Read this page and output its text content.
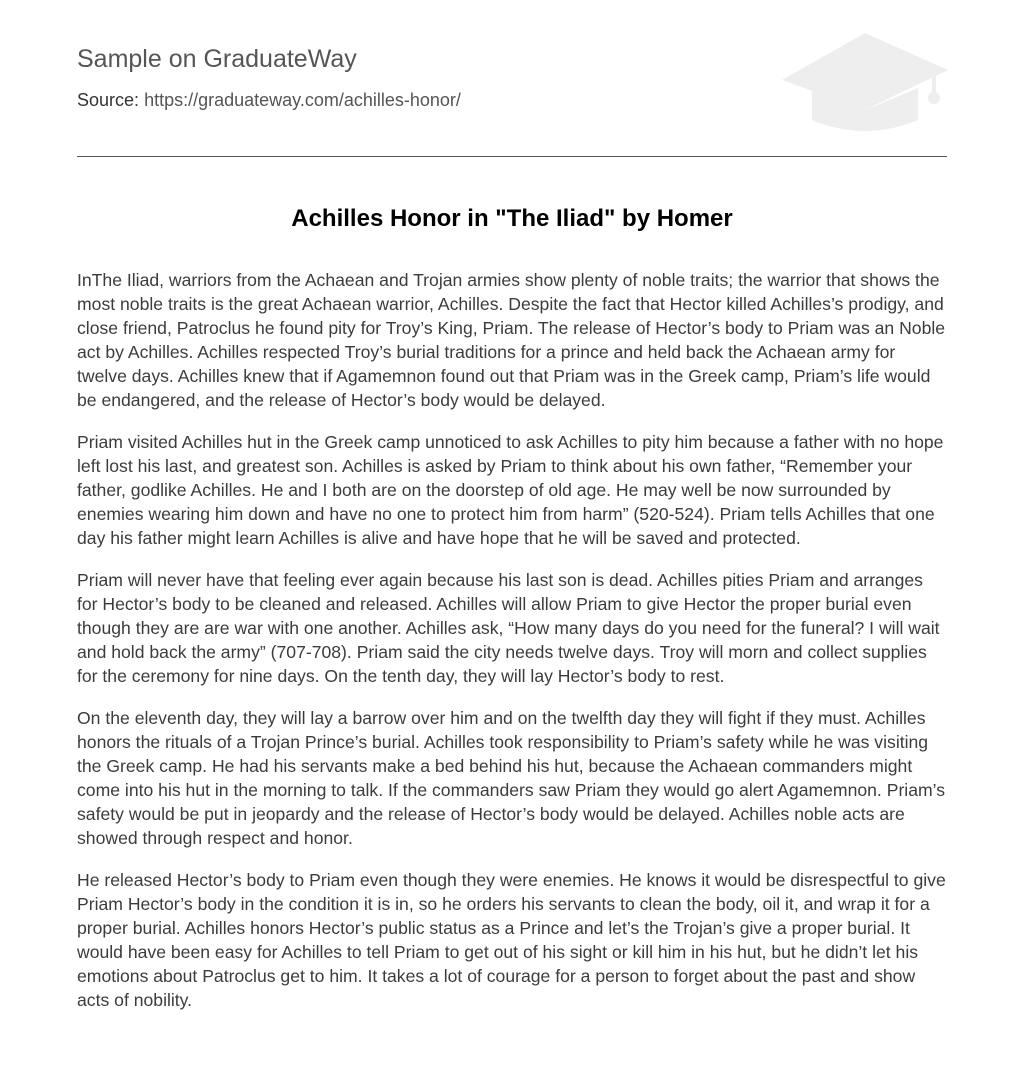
Sample on GraduateWay
Source: https://graduateway.com/achilles-honor/
Achilles Honor in "The Iliad" by Homer

InThe Iliad, warriors from the Achaean and Trojan armies show plenty of noble traits; the warrior that shows the most noble traits is the great Achaean warrior, Achilles. Despite the fact that Hector killed Achilles’s prodigy, and close friend, Patroclus he found pity for Troy’s King, Priam. The release of Hector’s body to Priam was an Noble act by Achilles. Achilles respected Troy’s burial traditions for a prince and held back the Achaean army for twelve days. Achilles knew that if Agamemnon found out that Priam was in the Greek camp, Priam’s life would be endangered, and the release of Hector’s body would be delayed.

Priam visited Achilles hut in the Greek camp unnoticed to ask Achilles to pity him because a father with no hope left lost his last, and greatest son. Achilles is asked by Priam to think about his own father, “Remember your father, godlike Achilles. He and I both are on the doorstep of old age. He may well be now surrounded by enemies wearing him down and have no one to protect him from harm” (520-524). Priam tells Achilles that one day his father might learn Achilles is alive and have hope that he will be saved and protected.

Priam will never have that feeling ever again because his last son is dead. Achilles pities Priam and arranges for Hector’s body to be cleaned and released. Achilles will allow Priam to give Hector the proper burial even though they are are war with one another. Achilles ask, “How many days do you need for the funeral? I will wait and hold back the army” (707-708). Priam said the city needs twelve days. Troy will morn and collect supplies for the ceremony for nine days. On the tenth day, they will lay Hector’s body to rest.

On the eleventh day, they will lay a barrow over him and on the twelfth day they will fight if they must. Achilles honors the rituals of a Trojan Prince’s burial. Achilles took responsibility to Priam’s safety while he was visiting the Greek camp. He had his servants make a bed behind his hut, because the Achaean commanders might come into his hut in the morning to talk. If the commanders saw Priam they would go alert Agamemnon. Priam’s safety would be put in jeopardy and the release of Hector’s body would be delayed. Achilles noble acts are showed through respect and honor.

He released Hector’s body to Priam even though they were enemies. He knows it would be disrespectful to give Priam Hector’s body in the condition it is in, so he orders his servants to clean the body, oil it, and wrap it for a proper burial. Achilles honors Hector’s public status as a Prince and let’s the Trojan’s give a proper burial. It would have been easy for Achilles to tell Priam to get out of his sight or kill him in his hut, but he didn’t let his emotions about Patroclus get to him. It takes a lot of courage for a person to forget about the past and show acts of nobility.
